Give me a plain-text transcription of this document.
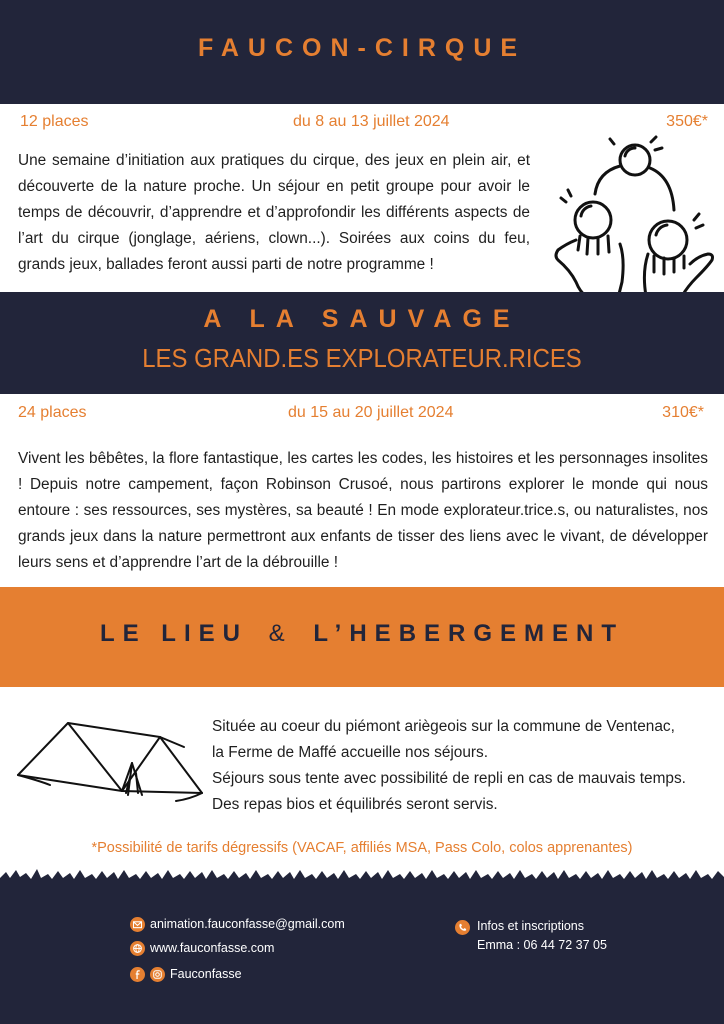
FAUCON-CIRQUE
12 places	du 8 au 13 juillet 2024	350€*
Une semaine d’initiation aux pratiques du cirque, des jeux en plein air, et découverte de la nature proche. Un séjour en petit groupe pour avoir le temps de découvrir, d’apprendre et d’approfondir les différents aspects de l’art du cirque (jonglage, aériens, clown...). Soirées aux coins du feu, grands jeux, ballades feront aussi parti de notre programme !
A LA SAUVAGE
LES GRAND.ES EXPLORATEUR.RICES
24 places	du 15 au 20 juillet 2024	310€*
Vivent les bêbêtes, la flore fantastique, les cartes les codes, les histoires et les personnages insolites ! Depuis notre campement, façon Robinson Crusoé, nous partirons explorer le monde qui nous entoure : ses ressources, ses mystères, sa beauté ! En mode explorateur.trice.s, ou naturalistes, nos grands jeux dans la nature permettront aux enfants de tisser des liens avec le vivant, de développer leurs sens et d’apprendre l’art de la débrouille !
LE LIEU & L’HEBERGEMENT
Située au coeur du piémont ariègeois sur la commune de Ventenac,
la Ferme de Maffé accueille nos séjours.
Séjours sous tente avec possibilité de repli en cas de mauvais temps.
Des repas bios et équilibrés seront servis.
*Possibilité de tarifs dégressifs (VACAF, affiliés MSA, Pass Colo, colos apprenantes)
animation.fauconfasse@gmail.com
www.fauconfasse.com
Fauconfasse
Infos et inscriptions
Emma : 06 44 72 37 05
